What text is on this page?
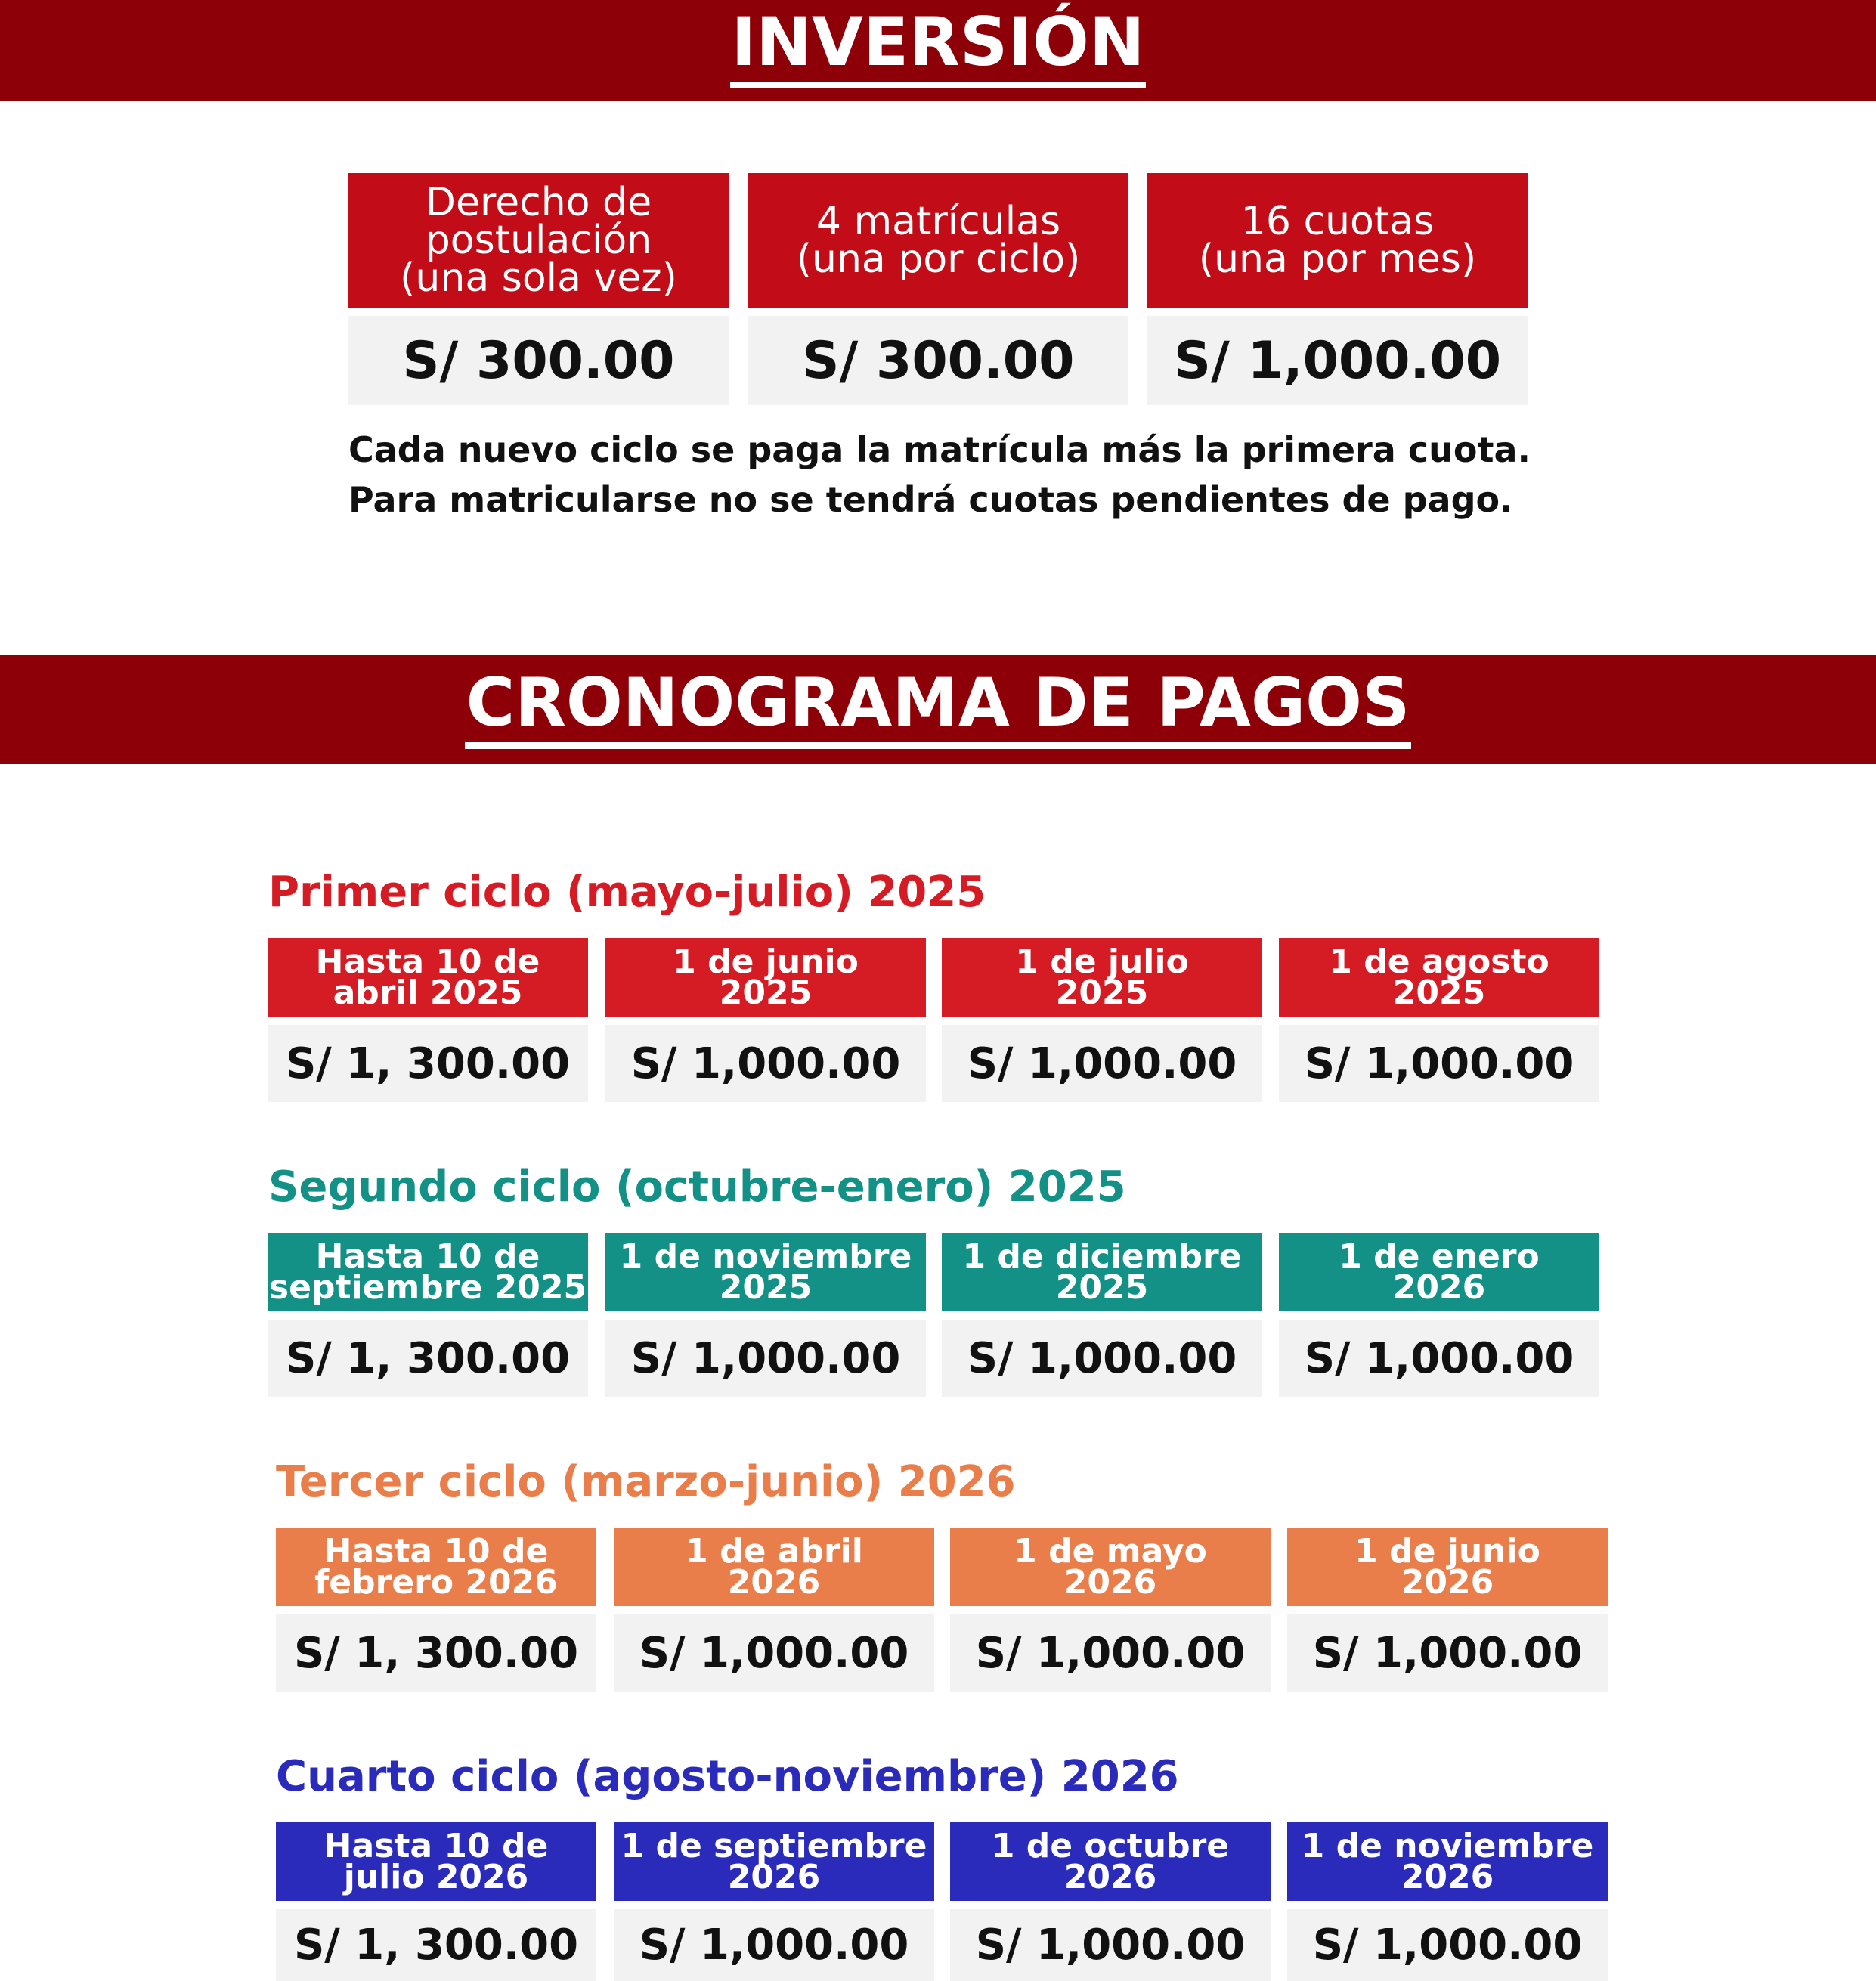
INVERSIÓN
Derecho de
postulación
(una sola vez)
S/ 300.00
4 matrículas
(una por ciclo)
S/ 300.00
16 cuotas
(una por mes)
S/ 1,000.00
Cada nuevo ciclo se paga la matrícula más la primera cuota.
Para matricularse no se tendrá cuotas pendientes de pago.
CRONOGRAMA DE PAGOS
Primer ciclo (mayo-julio) 2025
Hasta 10 de
abril 2025
S/ 1, 300.00
1 de junio
2025
S/ 1,000.00
1 de julio
2025
S/ 1,000.00
1 de agosto
2025
S/ 1,000.00
Segundo ciclo (octubre-enero) 2025
Hasta 10 de
septiembre 2025
S/ 1, 300.00
1 de noviembre
2025
S/ 1,000.00
1 de diciembre
2025
S/ 1,000.00
1 de enero
2026
S/ 1,000.00
Tercer ciclo (marzo-junio) 2026
Hasta 10 de
febrero 2026
S/ 1, 300.00
1 de abril
2026
S/ 1,000.00
1 de mayo
2026
S/ 1,000.00
1 de junio
2026
S/ 1,000.00
Cuarto ciclo (agosto-noviembre) 2026
Hasta 10 de
julio 2026
S/ 1, 300.00
1 de septiembre
2026
S/ 1,000.00
1 de octubre
2026
S/ 1,000.00
1 de noviembre
2026
S/ 1,000.00
